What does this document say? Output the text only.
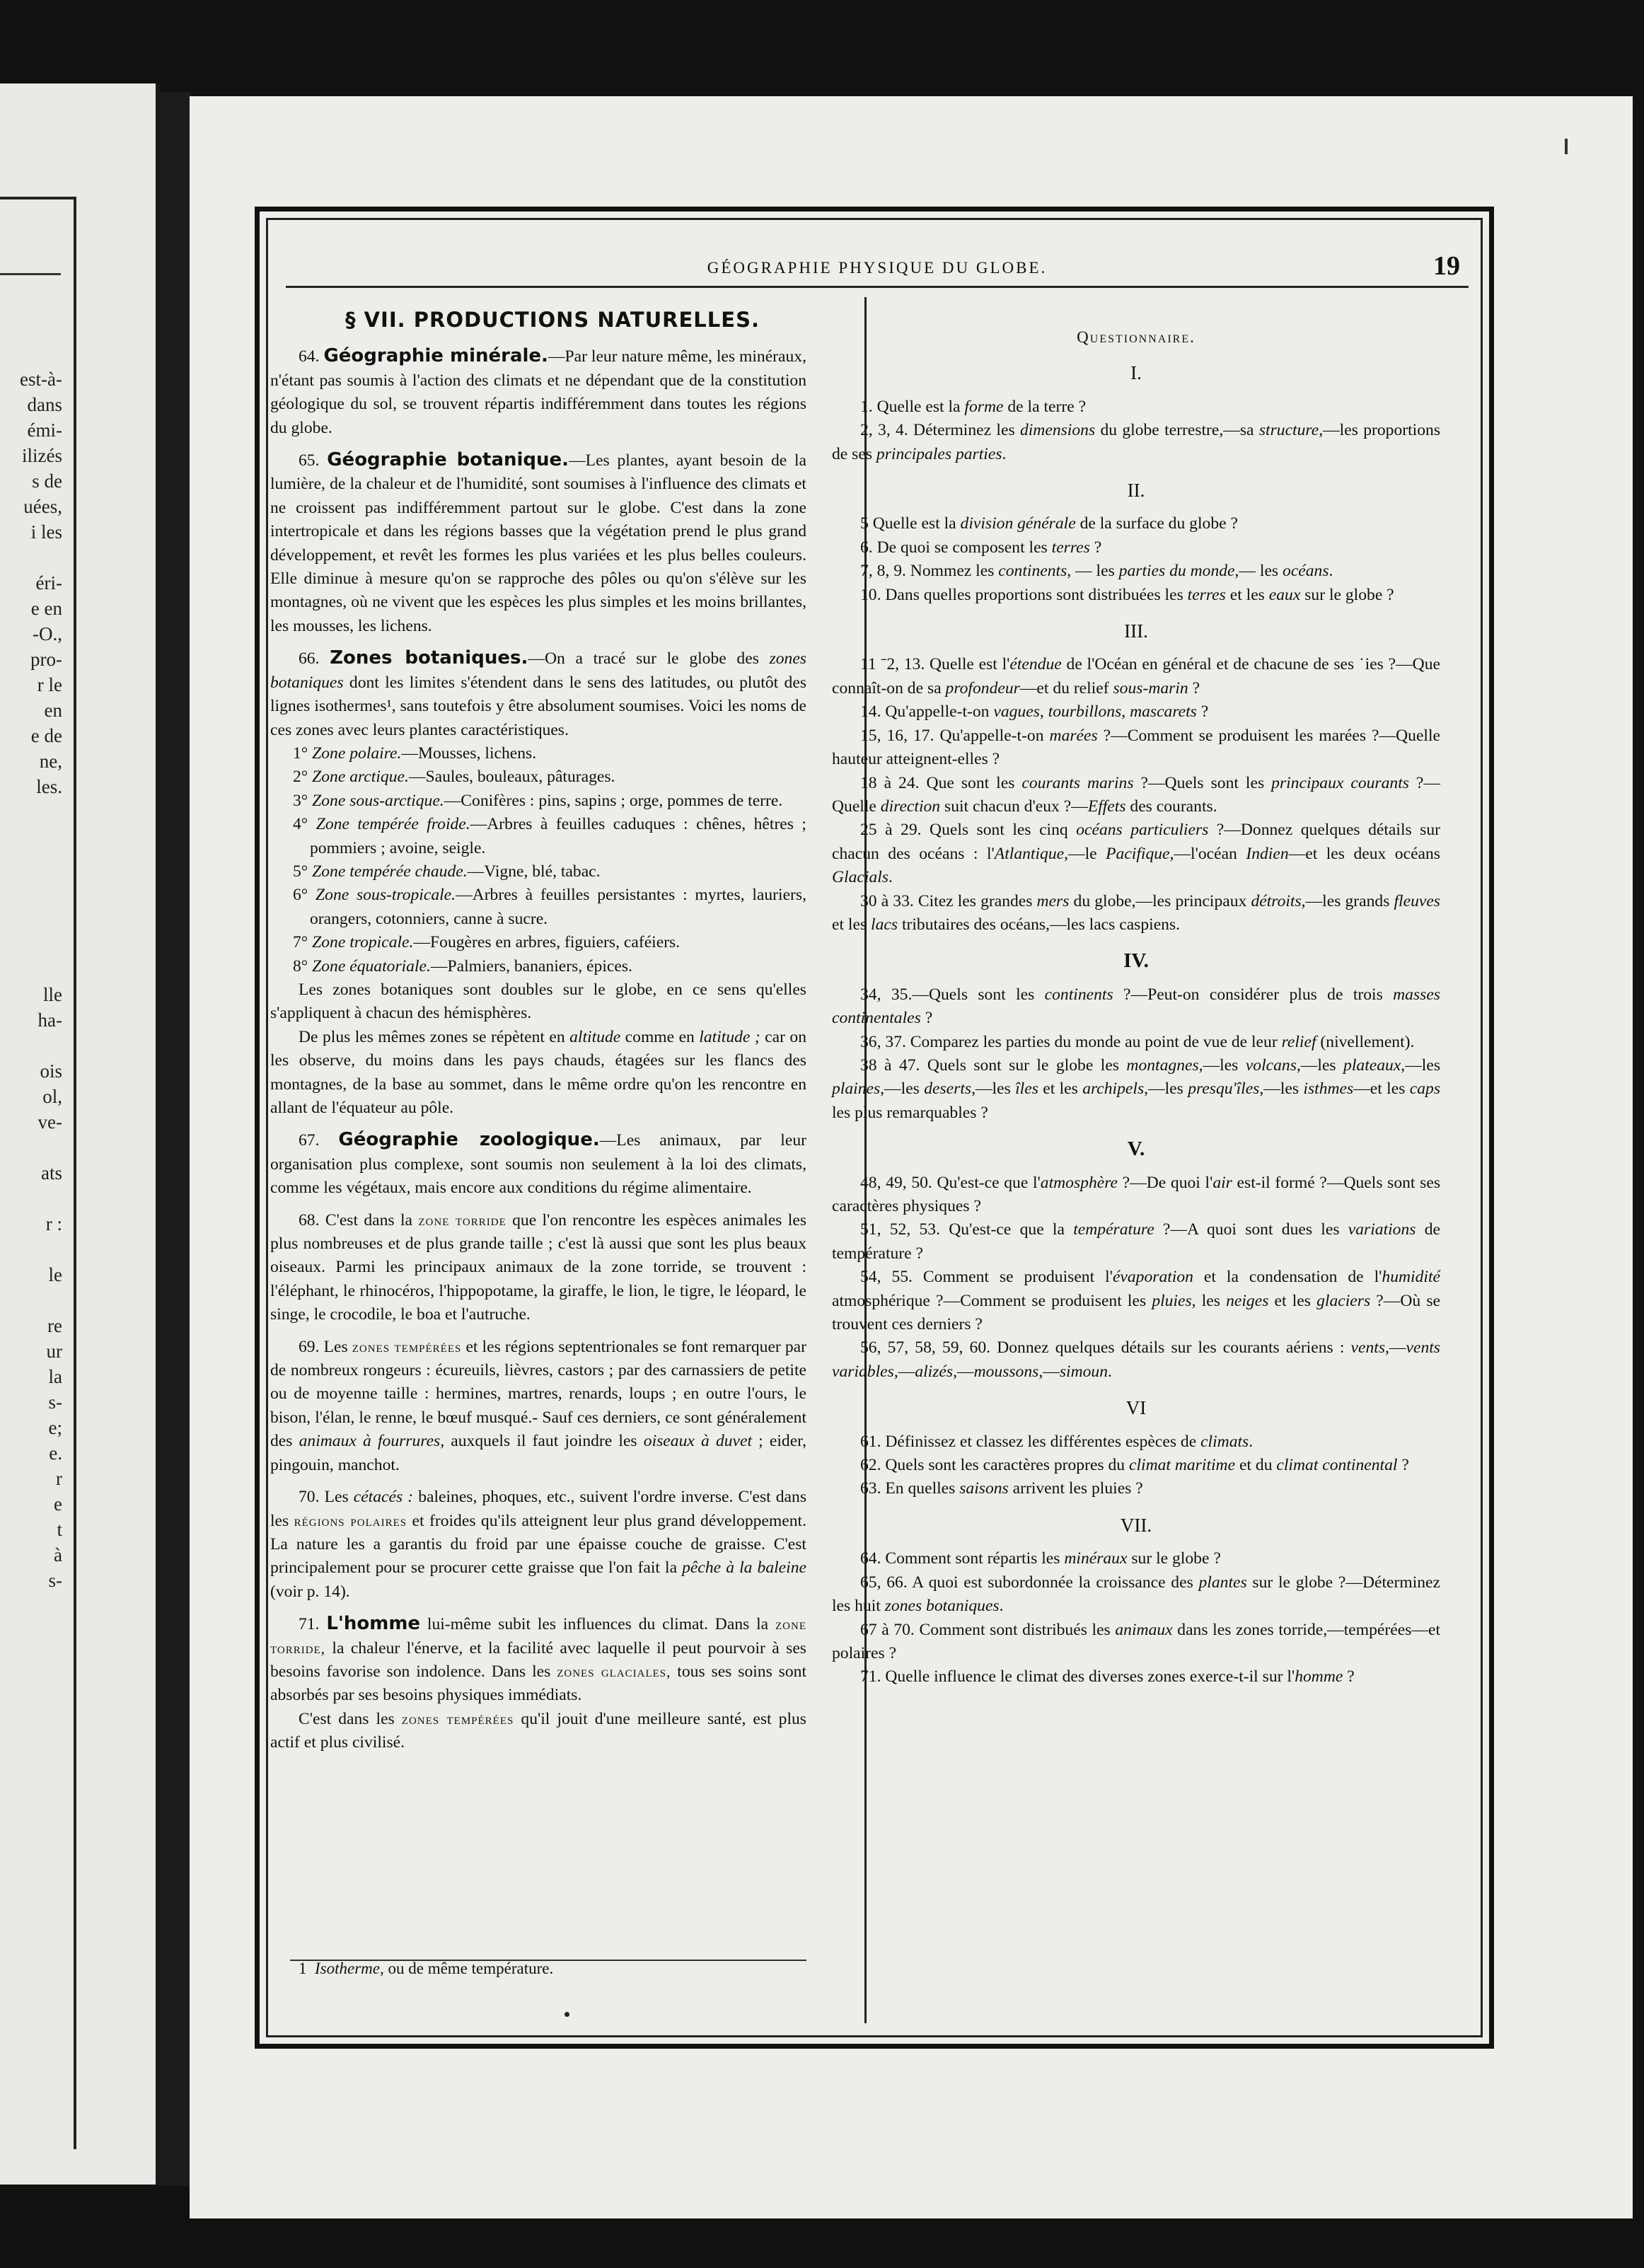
est-à-
dans
émi-
ilizés
s de
uées,
i les

éri-
e en
-O.,
pro-
r le
en
e de
ne,
les.
lle
ha-

ois
ol,
ve-

ats

r :

le

re
ur
la
s-
e;
e.
r
e
t
à
s-
GÉOGRAPHIE PHYSIQUE DU GLOBE.	19
§ VII. PRODUCTIONS NATURELLES.

64. Géographie minérale.—Par leur nature même, les minéraux, n'étant pas soumis à l'action des climats et ne dépendant que de la constitution géologique du sol, se trouvent répartis indifféremment dans toutes les régions du globe.

65. Géographie botanique.—Les plantes, ayant besoin de la lumière, de la chaleur et de l'humidité, sont soumises à l'influence des climats et ne croissent pas indifféremment partout sur le globe. C'est dans la zone intertropicale et dans les régions basses que la végétation prend le plus grand développement, et revêt les formes les plus variées et les plus belles couleurs. Elle diminue à mesure qu'on se rapproche des pôles ou qu'on s'élève sur les montagnes, où ne vivent que les espèces les plus simples et les moins brillantes, les mousses, les lichens.

66. Zones botaniques.—On a tracé sur le globe des zones botaniques dont les limites s'étendent dans le sens des latitudes, ou plutôt des lignes isothermes¹, sans toutefois y être absolument soumises. Voici les noms de ces zones avec leurs plantes caractéristiques.

1° Zone polaire.—Mousses, lichens.

2° Zone arctique.—Saules, bouleaux, pâturages.

3° Zone sous-arctique.—Conifères : pins, sapins ; orge, pommes de terre.

4° Zone tempérée froide.—Arbres à feuilles caduques : chênes, hêtres ; pommiers ; avoine, seigle.

5° Zone tempérée chaude.—Vigne, blé, tabac.

6° Zone sous-tropicale.—Arbres à feuilles persistantes : myrtes, lauriers, orangers, cotonniers, canne à sucre.

7° Zone tropicale.—Fougères en arbres, figuiers, caféiers.

8° Zone équatoriale.—Palmiers, bananiers, épices.

Les zones botaniques sont doubles sur le globe, en ce sens qu'elles s'appliquent à chacun des hémisphères.

De plus les mêmes zones se répètent en altitude comme en latitude ; car on les observe, du moins dans les pays chauds, étagées sur les flancs des montagnes, de la base au sommet, dans le même ordre qu'on les rencontre en allant de l'équateur au pôle.

67. Géographie zoologique.—Les animaux, par leur organisation plus complexe, sont soumis non seulement à la loi des climats, comme les végétaux, mais encore aux conditions du régime alimentaire.

68. C'est dans la zone torride que l'on rencontre les espèces animales les plus nombreuses et de plus grande taille ; c'est là aussi que sont les plus beaux oiseaux. Parmi les principaux animaux de la zone torride, se trouvent : l'éléphant, le rhinocéros, l'hippopotame, la giraffe, le lion, le tigre, le léopard, le singe, le crocodile, le boa et l'autruche.

69. Les zones tempérées et les régions septentrionales se font remarquer par de nombreux rongeurs : écureuils, lièvres, castors ; par des carnassiers de petite ou de moyenne taille : hermines, martres, renards, loups ; en outre l'ours, le bison, l'élan, le renne, le bœuf musqué.- Sauf ces derniers, ce sont généralement des animaux à fourrures, auxquels il faut joindre les oiseaux à duvet ; eider, pingouin, manchot.

70. Les cétacés : baleines, phoques, etc., suivent l'ordre inverse. C'est dans les régions polaires et froides qu'ils atteignent leur plus grand développement. La nature les a garantis du froid par une épaisse couche de graisse. C'est principalement pour se procurer cette graisse que l'on fait la pêche à la baleine (voir p. 14).

71. L'homme lui-même subit les influences du climat. Dans la zone torride, la chaleur l'énerve, et la facilité avec laquelle il peut pourvoir à ses besoins favorise son indolence. Dans les zones glaciales, tous ses soins sont absorbés par ses besoins physiques immédiats.

C'est dans les zones tempérées qu'il jouit d'une meilleure santé, est plus actif et plus civilisé.

1 Isotherme, ou de même température.
Questionnaire.
I.

1. Quelle est la forme de la terre ?

2, 3, 4. Déterminez les dimensions du globe terrestre,—sa structure,—les proportions de ses principales parties.

II.

5 Quelle est la division générale de la surface du globe ?

6. De quoi se composent les terres ?

7, 8, 9. Nommez les continents, — les parties du monde,— les océans.

10. Dans quelles proportions sont distribuées les terres et les eaux sur le globe ?

III.

11 ˉ2, 13. Quelle est l'étendue de l'Océan en général et de chacune de ses ˙ies ?—Que connaît-on de sa profondeur—et du relief sous-marin ?

14. Qu'appelle-t-on vagues, tourbillons, mascarets ?

15, 16, 17. Qu'appelle-t-on marées ?—Comment se produisent les marées ?—Quelle hauteur atteignent-elles ?

18 à 24. Que sont les courants marins ?—Quels sont les principaux courants ?—Quelle direction suit chacun d'eux ?—Effets des courants.

25 à 29. Quels sont les cinq océans particuliers ?—Donnez quelques détails sur chacun des océans : l'Atlantique,—le Pacifique,—l'océan Indien—et les deux océans Glacials.

30 à 33. Citez les grandes mers du globe,—les principaux détroits,—les grands fleuves et les lacs tributaires des océans,—les lacs caspiens.

IV.

34, 35.—Quels sont les continents ?—Peut-on considérer plus de trois masses continentales ?

36, 37. Comparez les parties du monde au point de vue de leur relief (nivellement).

38 à 47. Quels sont sur le globe les montagnes,—les volcans,—les plateaux,—les plaines,—les deserts,—les îles et les archipels,—les presqu'îles,—les isthmes—et les caps les plus remarquables ?

V.

48, 49, 50. Qu'est-ce que l'atmosphère ?—De quoi l'air est-il formé ?—Quels sont ses caractères physiques ?

51, 52, 53. Qu'est-ce que la température ?—A quoi sont dues les variations de température ?

54, 55. Comment se produisent l'évaporation et la condensation de l'humidité atmosphérique ?—Comment se produisent les pluies, les neiges et les glaciers ?—Où se trouvent ces derniers ?

56, 57, 58, 59, 60. Donnez quelques détails sur les courants aériens : vents,—vents variables,—alizés,—moussons,—simoun.

VI

61. Définissez et classez les différentes espèces de climats.

62. Quels sont les caractères propres du climat maritime et du climat continental ?

63. En quelles saisons arrivent les pluies ?

VII.

64. Comment sont répartis les minéraux sur le globe ?

65, 66. A quoi est subordonnée la croissance des plantes sur le globe ?—Déterminez les huit zones botaniques.

67 à 70. Comment sont distribués les animaux dans les zones torride,—tempérées—et polaires ?

71. Quelle influence le climat des diverses zones exerce-t-il sur l'homme ?
